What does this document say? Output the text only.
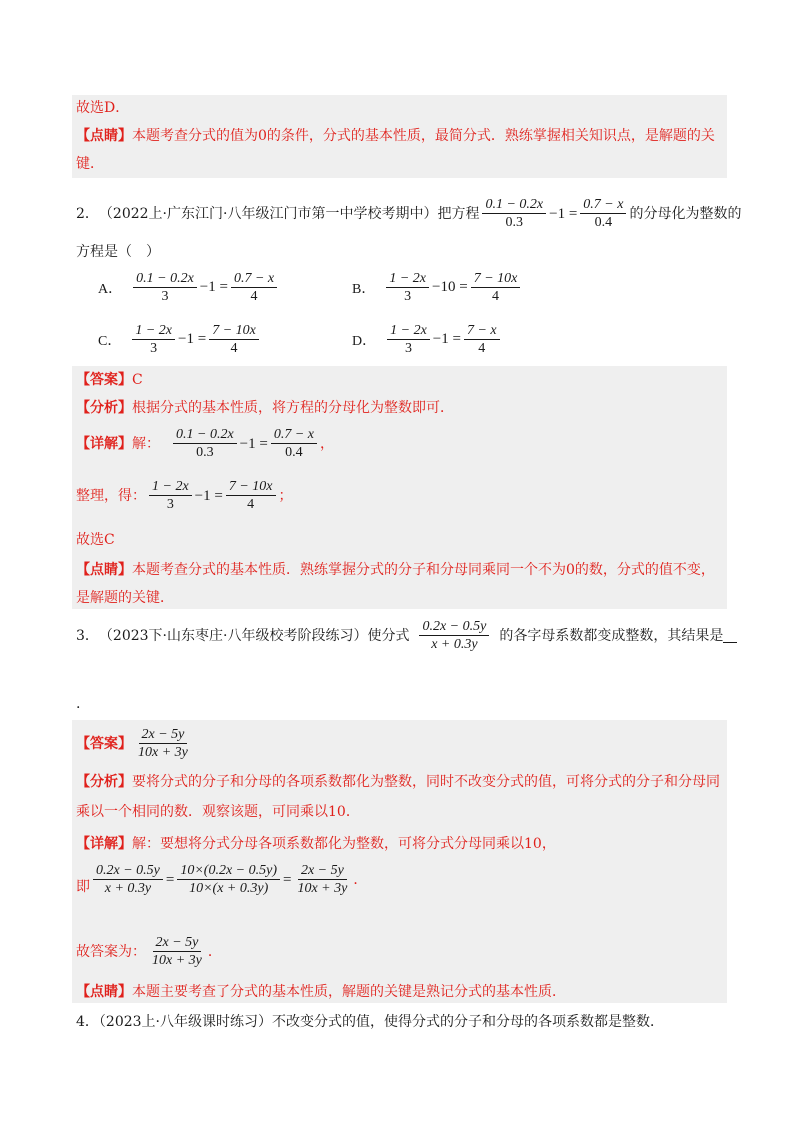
故选D．
【点睛】本题考查分式的值为0的条件，分式的基本性质，最简分式．熟练掌握相关知识点，是解题的关
键．
2． （2022上·广东江门·八年级江门市第一中学校考期中）把方程 $\frac{0.1 - 0.2x}{0.3} -1 = \frac{0.7 - x}{0.4}$ 的分母化为整数的
方程是（　）
A． $\frac{0.1 - 0.2x}{3} -1 = \frac{0.7 - x}{4}$	B． $\frac{1 - 2x}{3} -10 = \frac{7 - 10x}{4}$
C． $\frac{1 - 2x}{3} -1 = \frac{7 - 10x}{4}$	D． $\frac{1 - 2x}{3} -1 = \frac{7 - x}{4}$
【答案】C
【分析】根据分式的基本性质，将方程的分母化为整数即可．
【详解】 解： $\frac{0.1 - 0.2x}{0.3} -1 = \frac{0.7 - x}{0.4}$ ，
整理，得： $\frac{1 - 2x}{3} -1 = \frac{7 - 10x}{4}$ ；
故选C
【点睛】本题考查分式的基本性质．熟练掌握分式的分子和分母同乘同一个不为0的数，分式的值不变，
是解题的关键．
3． （2023下·山东枣庄·八年级校考阶段练习）使分式 $\frac{0.2x - 0.5y}{x + 0.3y}$ 的各字母系数都变成整数，其结果是
.
【答案】 $\frac{2x - 5y}{10x + 3y}$
【分析】要将分式的分子和分母的各项系数都化为整数，同时不改变分式的值，可将分式的分子和分母同
乘以一个相同的数．观察该题，可同乘以10．
【详解】解：要想将分式分母各项系数都化为整数，可将分式分母同乘以10，
即 $\frac{0.2x - 0.5y}{x + 0.3y} = \frac{10\times(0.2x - 0.5y)}{10\times(x + 0.3y)} = \frac{2x - 5y}{10x + 3y}$ ．
故答案为： $\frac{2x - 5y}{10x + 3y}$ ．
【点睛】本题主要考查了分式的基本性质，解题的关键是熟记分式的基本性质．
4．（2023上·八年级课时练习）不改变分式的值，使得分式的分子和分母的各项系数都是整数．
